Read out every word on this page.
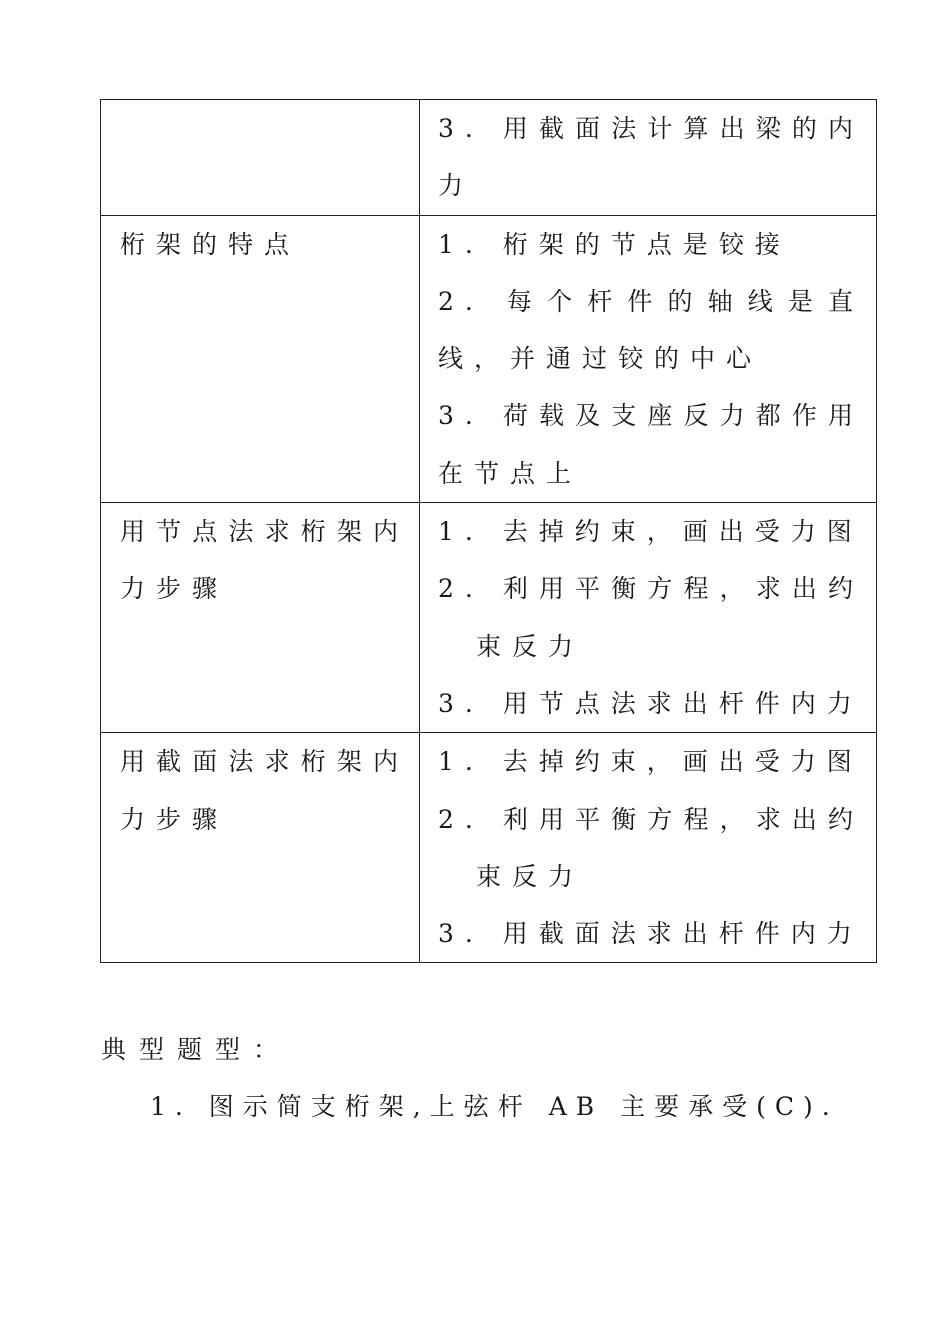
	3. 用截面法计算出梁的内力

桁架的特点	1. 桁架的节点是铰接
2. 每个杆件的轴线是直线，并通过铰的中心
3. 荷载及支座反力都作用在节点上

用节点法求桁架内力步骤	1. 去掉约束，画出受力图
2. 利用平衡方程，求出约束反力
3. 用节点法求出杆件内力

用截面法求桁架内力步骤	1. 去掉约束，画出受力图
2. 利用平衡方程，求出约束反力
3. 用截面法求出杆件内力
典型题型：

1. 图示简支桁架,上弦杆 AB 主要承受(C).
